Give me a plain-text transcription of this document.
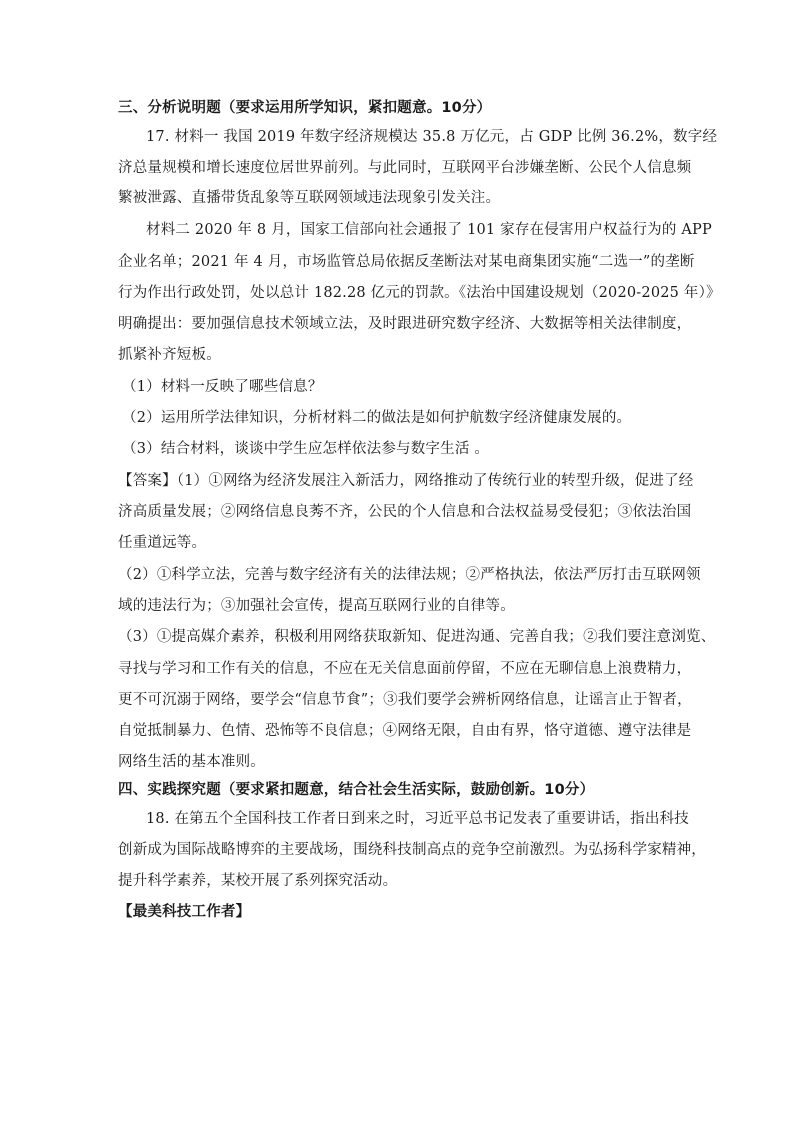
三、分析说明题（要求运用所学知识，紧扣题意。10分）
17. 材料一 我国 2019 年数字经济规模达 35.8 万亿元，占 GDP 比例 36.2%，数字经
济总量规模和增长速度位居世界前列。与此同时，互联网平台涉嫌垄断、公民个人信息频
繁被泄露、直播带货乱象等互联网领域违法现象引发关注。
材料二 2020 年 8 月，国家工信部向社会通报了 101 家存在侵害用户权益行为的 APP
企业名单；2021 年 4 月，市场监管总局依据反垄断法对某电商集团实施“二选一”的垄断
行为作出行政处罚，处以总计 182.28 亿元的罚款。《法治中国建设规划（2020-2025 年）》
明确提出：要加强信息技术领域立法，及时跟进研究数字经济、大数据等相关法律制度，
抓紧补齐短板。
（1）材料一反映了哪些信息？
（2）运用所学法律知识，分析材料二的做法是如何护航数字经济健康发展的。
（3）结合材料，谈谈中学生应怎样依法参与数字生活 。
【答案】（1）①网络为经济发展注入新活力，网络推动了传统行业的转型升级，促进了经
济高质量发展；②网络信息良莠不齐，公民的个人信息和合法权益易受侵犯；③依法治国
任重道远等。
（2）①科学立法，完善与数字经济有关的法律法规；②严格执法，依法严厉打击互联网领
域的违法行为；③加强社会宣传，提高互联网行业的自律等。
（3）①提高媒介素养，积极利用网络获取新知、促进沟通、完善自我；②我们要注意浏览、
寻找与学习和工作有关的信息，不应在无关信息面前停留，不应在无聊信息上浪费精力，
更不可沉溺于网络，要学会“信息节食”；③我们要学会辨析网络信息，让谣言止于智者，
自觉抵制暴力、色情、恐怖等不良信息；④网络无限，自由有界，恪守道德、遵守法律是
网络生活的基本准则。
四、实践探究题（要求紧扣题意，结合社会生活实际，鼓励创新。10分）
18. 在第五个全国科技工作者日到来之时，习近平总书记发表了重要讲话，指出科技
创新成为国际战略博弈的主要战场，围绕科技制高点的竞争空前激烈。为弘扬科学家精神，
提升科学素养，某校开展了系列探究活动。
【最美科技工作者】
